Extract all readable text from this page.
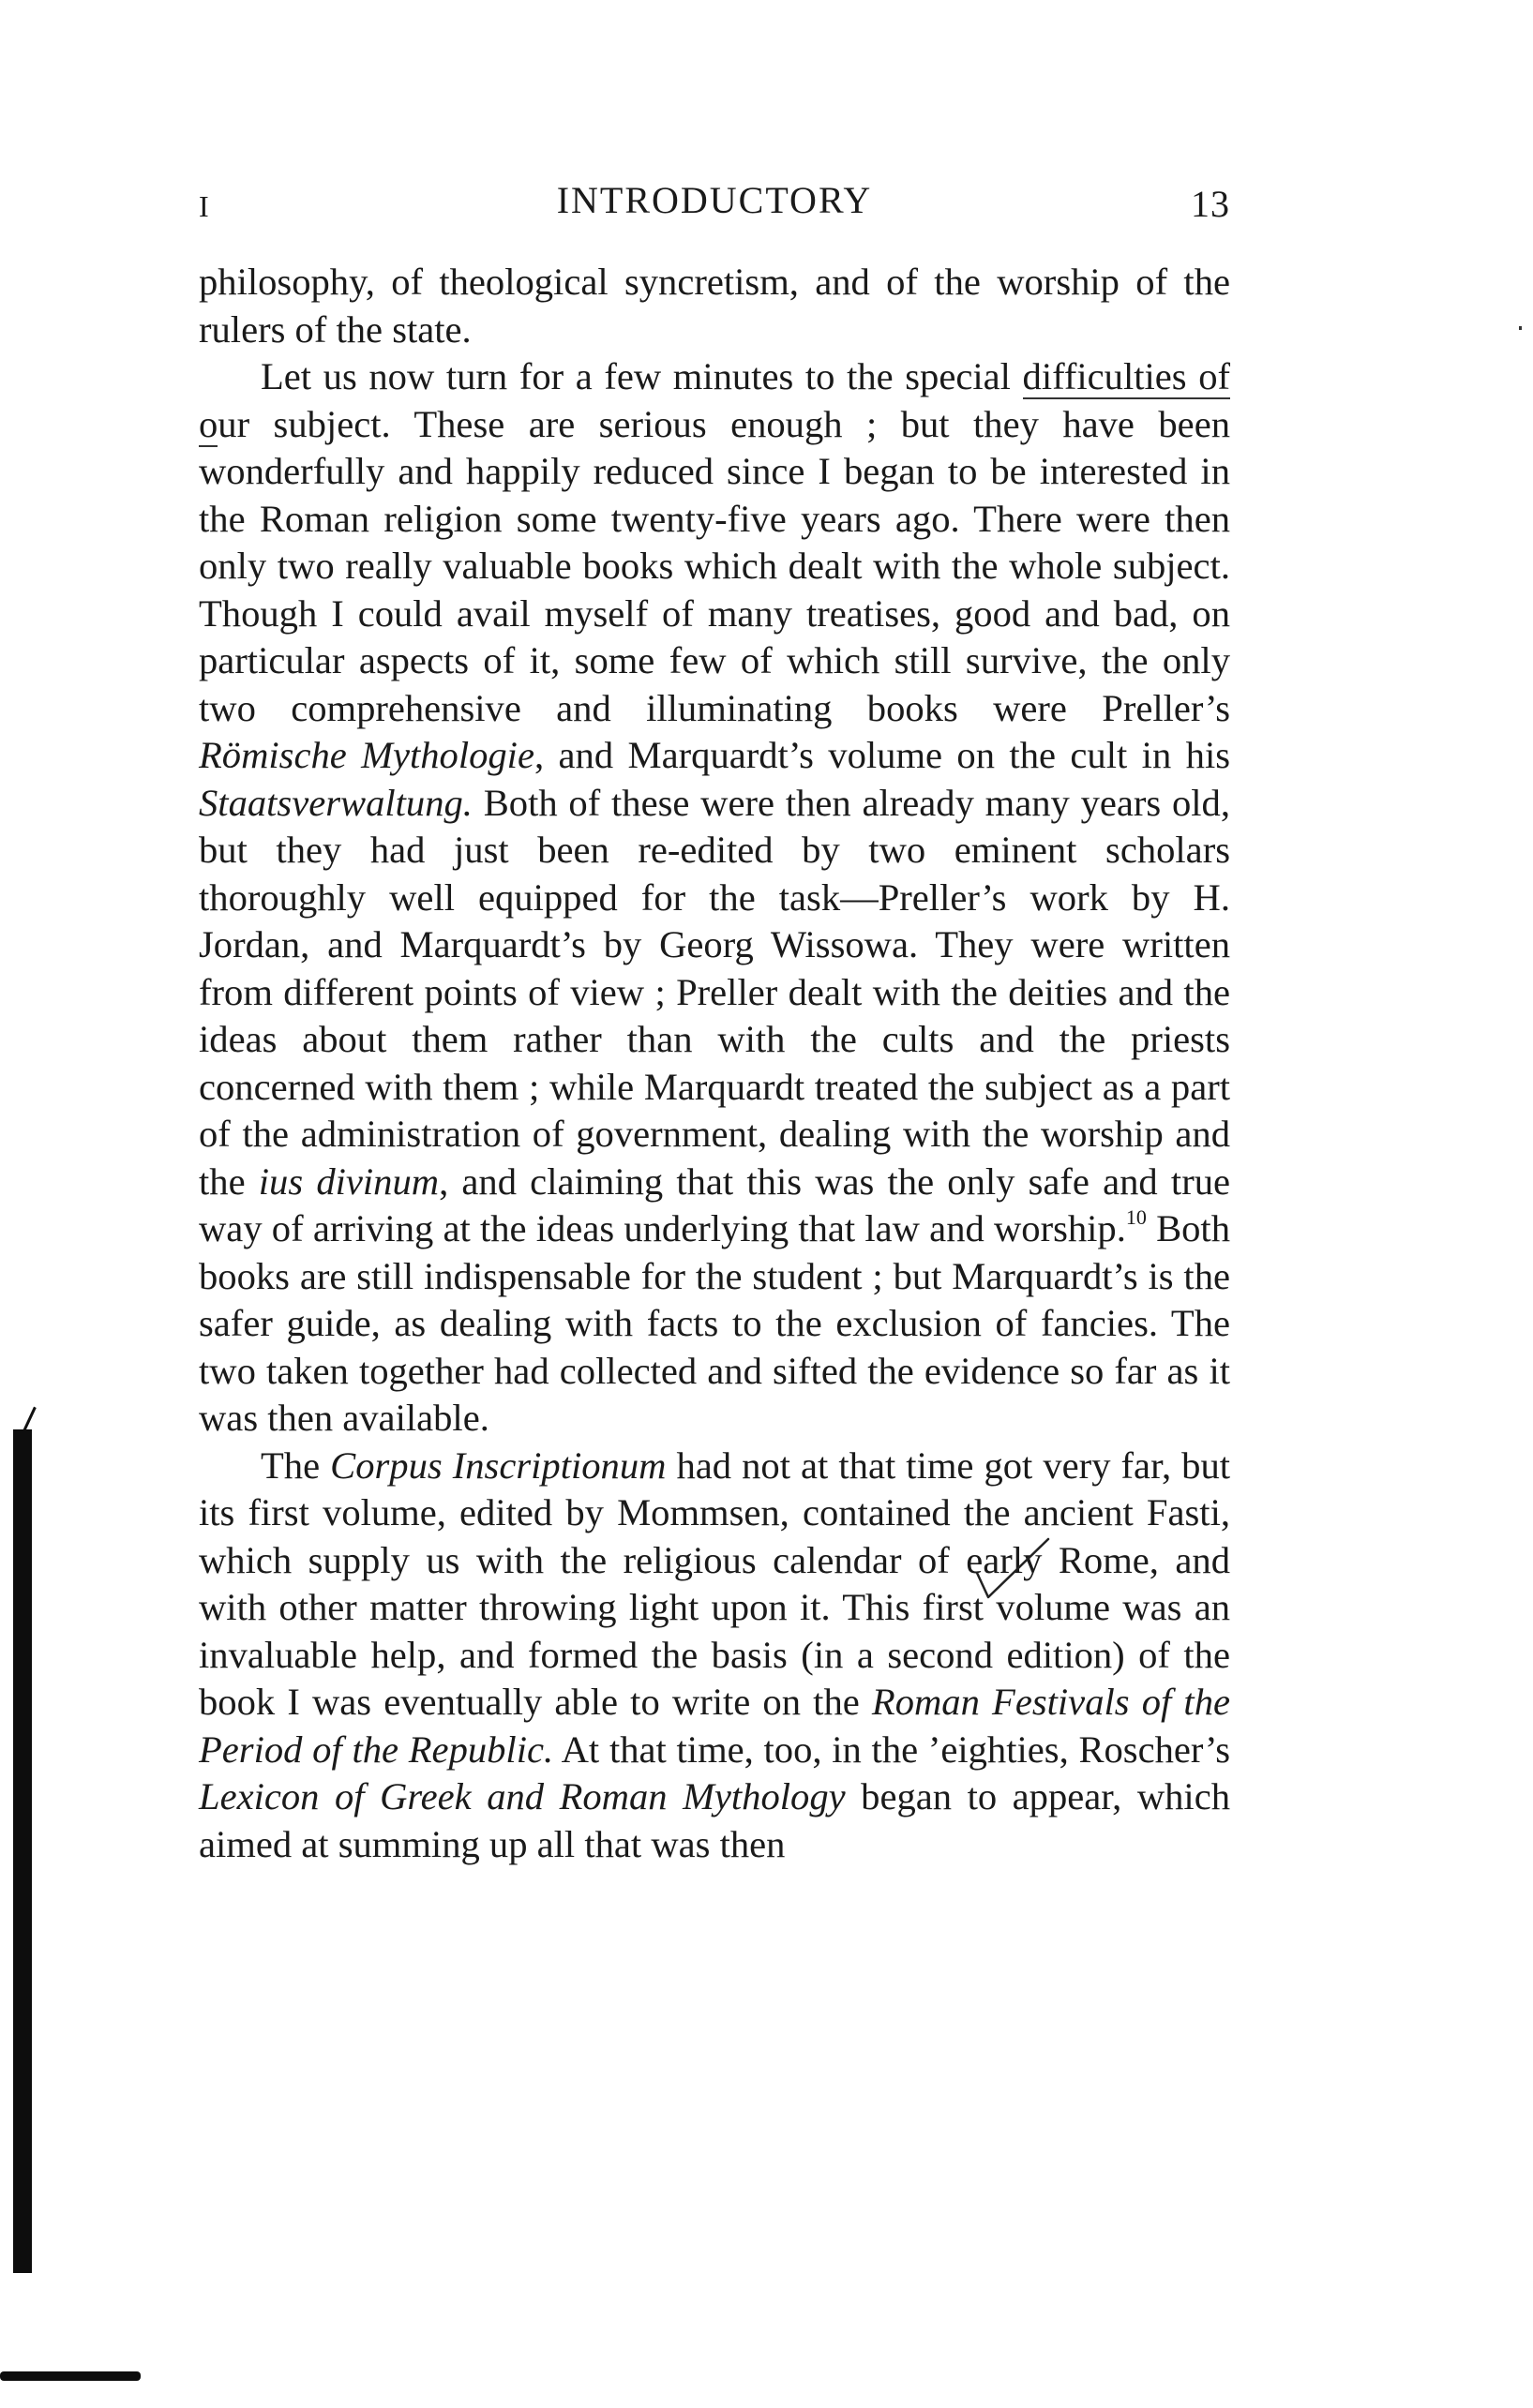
I	INTRODUCTORY	13

philosophy, of theological syncretism, and of the worship of the rulers of the state.

Let us now turn for a few minutes to the special difficulties of our subject. These are serious enough ; but they have been wonderfully and happily reduced since I began to be interested in the Roman religion some twenty-five years ago. There were then only two really valuable books which dealt with the whole subject. Though I could avail myself of many treatises, good and bad, on particular aspects of it, some few of which still survive, the only two comprehensive and illuminating books were Preller’s Römische Mythologie, and Marquardt’s volume on the cult in his Staatsverwaltung. Both of these were then already many years old, but they had just been re-edited by two eminent scholars thoroughly well equipped for the task—Preller’s work by H. Jordan, and Marquardt’s by Georg Wissowa. They were written from different points of view ; Preller dealt with the deities and the ideas about them rather than with the cults and the priests concerned with them ; while Marquardt treated the subject as a part of the administration of government, dealing with the worship and the ius divinum, and claiming that this was the only safe and true way of arriving at the ideas underlying that law and worship.$^{10}$ Both books are still indispensable for the student ; but Marquardt’s is the safer guide, as dealing with facts to the exclusion of fancies. The two taken together had collected and sifted the evidence so far as it was then available.

The Corpus Inscriptionum had not at that time got very far, but its first volume, edited by Mommsen, contained the ancient Fasti, which supply us with the religious calendar of early Rome, and with other matter throwing light upon it. This first volume was an invaluable help, and formed the basis (in a second edition) of the book I was eventually able to write on the Roman Festivals of the Period of the Republic. At that time, too, in the ’eighties, Roscher’s Lexicon of Greek and Roman Mythology began to appear, which aimed at summing up all that was then
